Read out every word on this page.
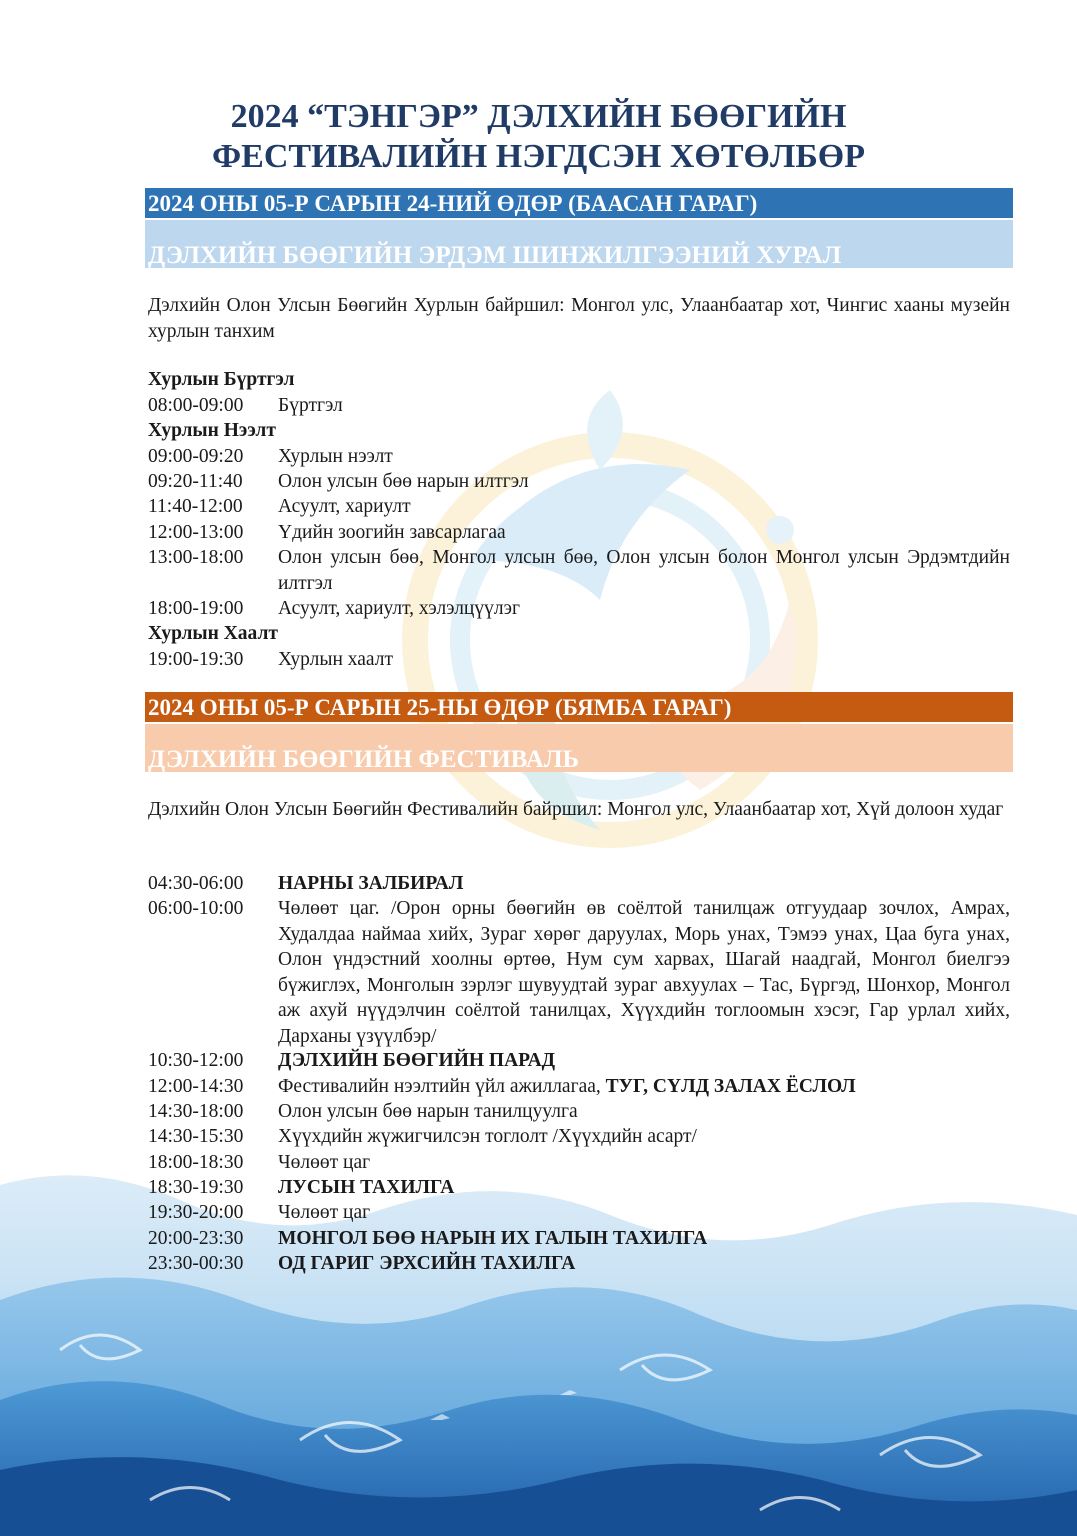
2024 “ТЭНГЭР” ДЭЛХИЙН БӨӨГИЙН
ФЕСТИВАЛИЙН НЭГДСЭН ХӨТӨЛБӨР
2024 ОНЫ 05-Р САРЫН 24-НИЙ ӨДӨР (БААСАН ГАРАГ)
ДЭЛХИЙН БӨӨГИЙН ЭРДЭМ ШИНЖИЛГЭЭНИЙ ХУРАЛ
Дэлхийн Олон Улсын Бөөгийн Хурлын байршил: Монгол улс, Улаанбаатар хот, Чингис хааны музейн хурлын танхим
Хурлын Бүртгэл
08:00-09:00	Бүртгэл
Хурлын Нээлт
09:00-09:20	Хурлын нээлт
09:20-11:40	Олон улсын бөө нарын илтгэл
11:40-12:00	Асуулт, хариулт
12:00-13:00	Үдийн зоогийн завсарлагаа
13:00-18:00	Олон улсын бөө, Монгол улсын бөө, Олон улсын болон Монгол улсын Эрдэмтдийн илтгэл
18:00-19:00	Асуулт, хариулт, хэлэлцүүлэг
Хурлын Хаалт
19:00-19:30	Хурлын хаалт
2024 ОНЫ 05-Р САРЫН 25-НЫ ӨДӨР (БЯМБА ГАРАГ)
ДЭЛХИЙН БӨӨГИЙН ФЕСТИВАЛЬ
Дэлхийн Олон Улсын Бөөгийн Фестивалийн байршил: Монгол улс, Улаанбаатар хот, Хүй долоон худаг
04:30-06:00	НАРНЫ ЗАЛБИРАЛ
06:00-10:00	Чөлөөт цаг. /Орон орны бөөгийн өв соёлтой танилцаж отгуудаар зочлох, Амрах, Худалдаа наймаа хийх, Зураг хөрөг даруулах, Морь унах, Тэмээ унах, Цаа буга унах, Олон үндэстний хоолны өртөө, Нум сум харвах, Шагай наадгай, Монгол биелгээ бүжиглэх, Монголын зэрлэг шувуудтай зураг авхуулах – Тас, Бүргэд, Шонхор, Монгол аж ахуй нүүдэлчин соёлтой танилцах, Хүүхдийн тоглоомын хэсэг, Гар урлал хийх, Дарханы үзүүлбэр/
10:30-12:00	ДЭЛХИЙН БӨӨГИЙН ПАРАД
12:00-14:30	Фестивалийн нээлтийн үйл ажиллагаа, ТУГ, СҮЛД ЗАЛАХ ЁСЛОЛ
14:30-18:00	Олон улсын бөө нарын танилцуулга
14:30-15:30	Хүүхдийн жүжигчилсэн тоглолт /Хүүхдийн асарт/
18:00-18:30	Чөлөөт цаг
18:30-19:30	ЛУСЫН ТАХИЛГА
19:30-20:00	Чөлөөт цаг
20:00-23:30	МОНГОЛ БӨӨ НАРЫН ИХ ГАЛЫН ТАХИЛГА
23:30-00:30	ОД ГАРИГ ЭРХСИЙН ТАХИЛГА
